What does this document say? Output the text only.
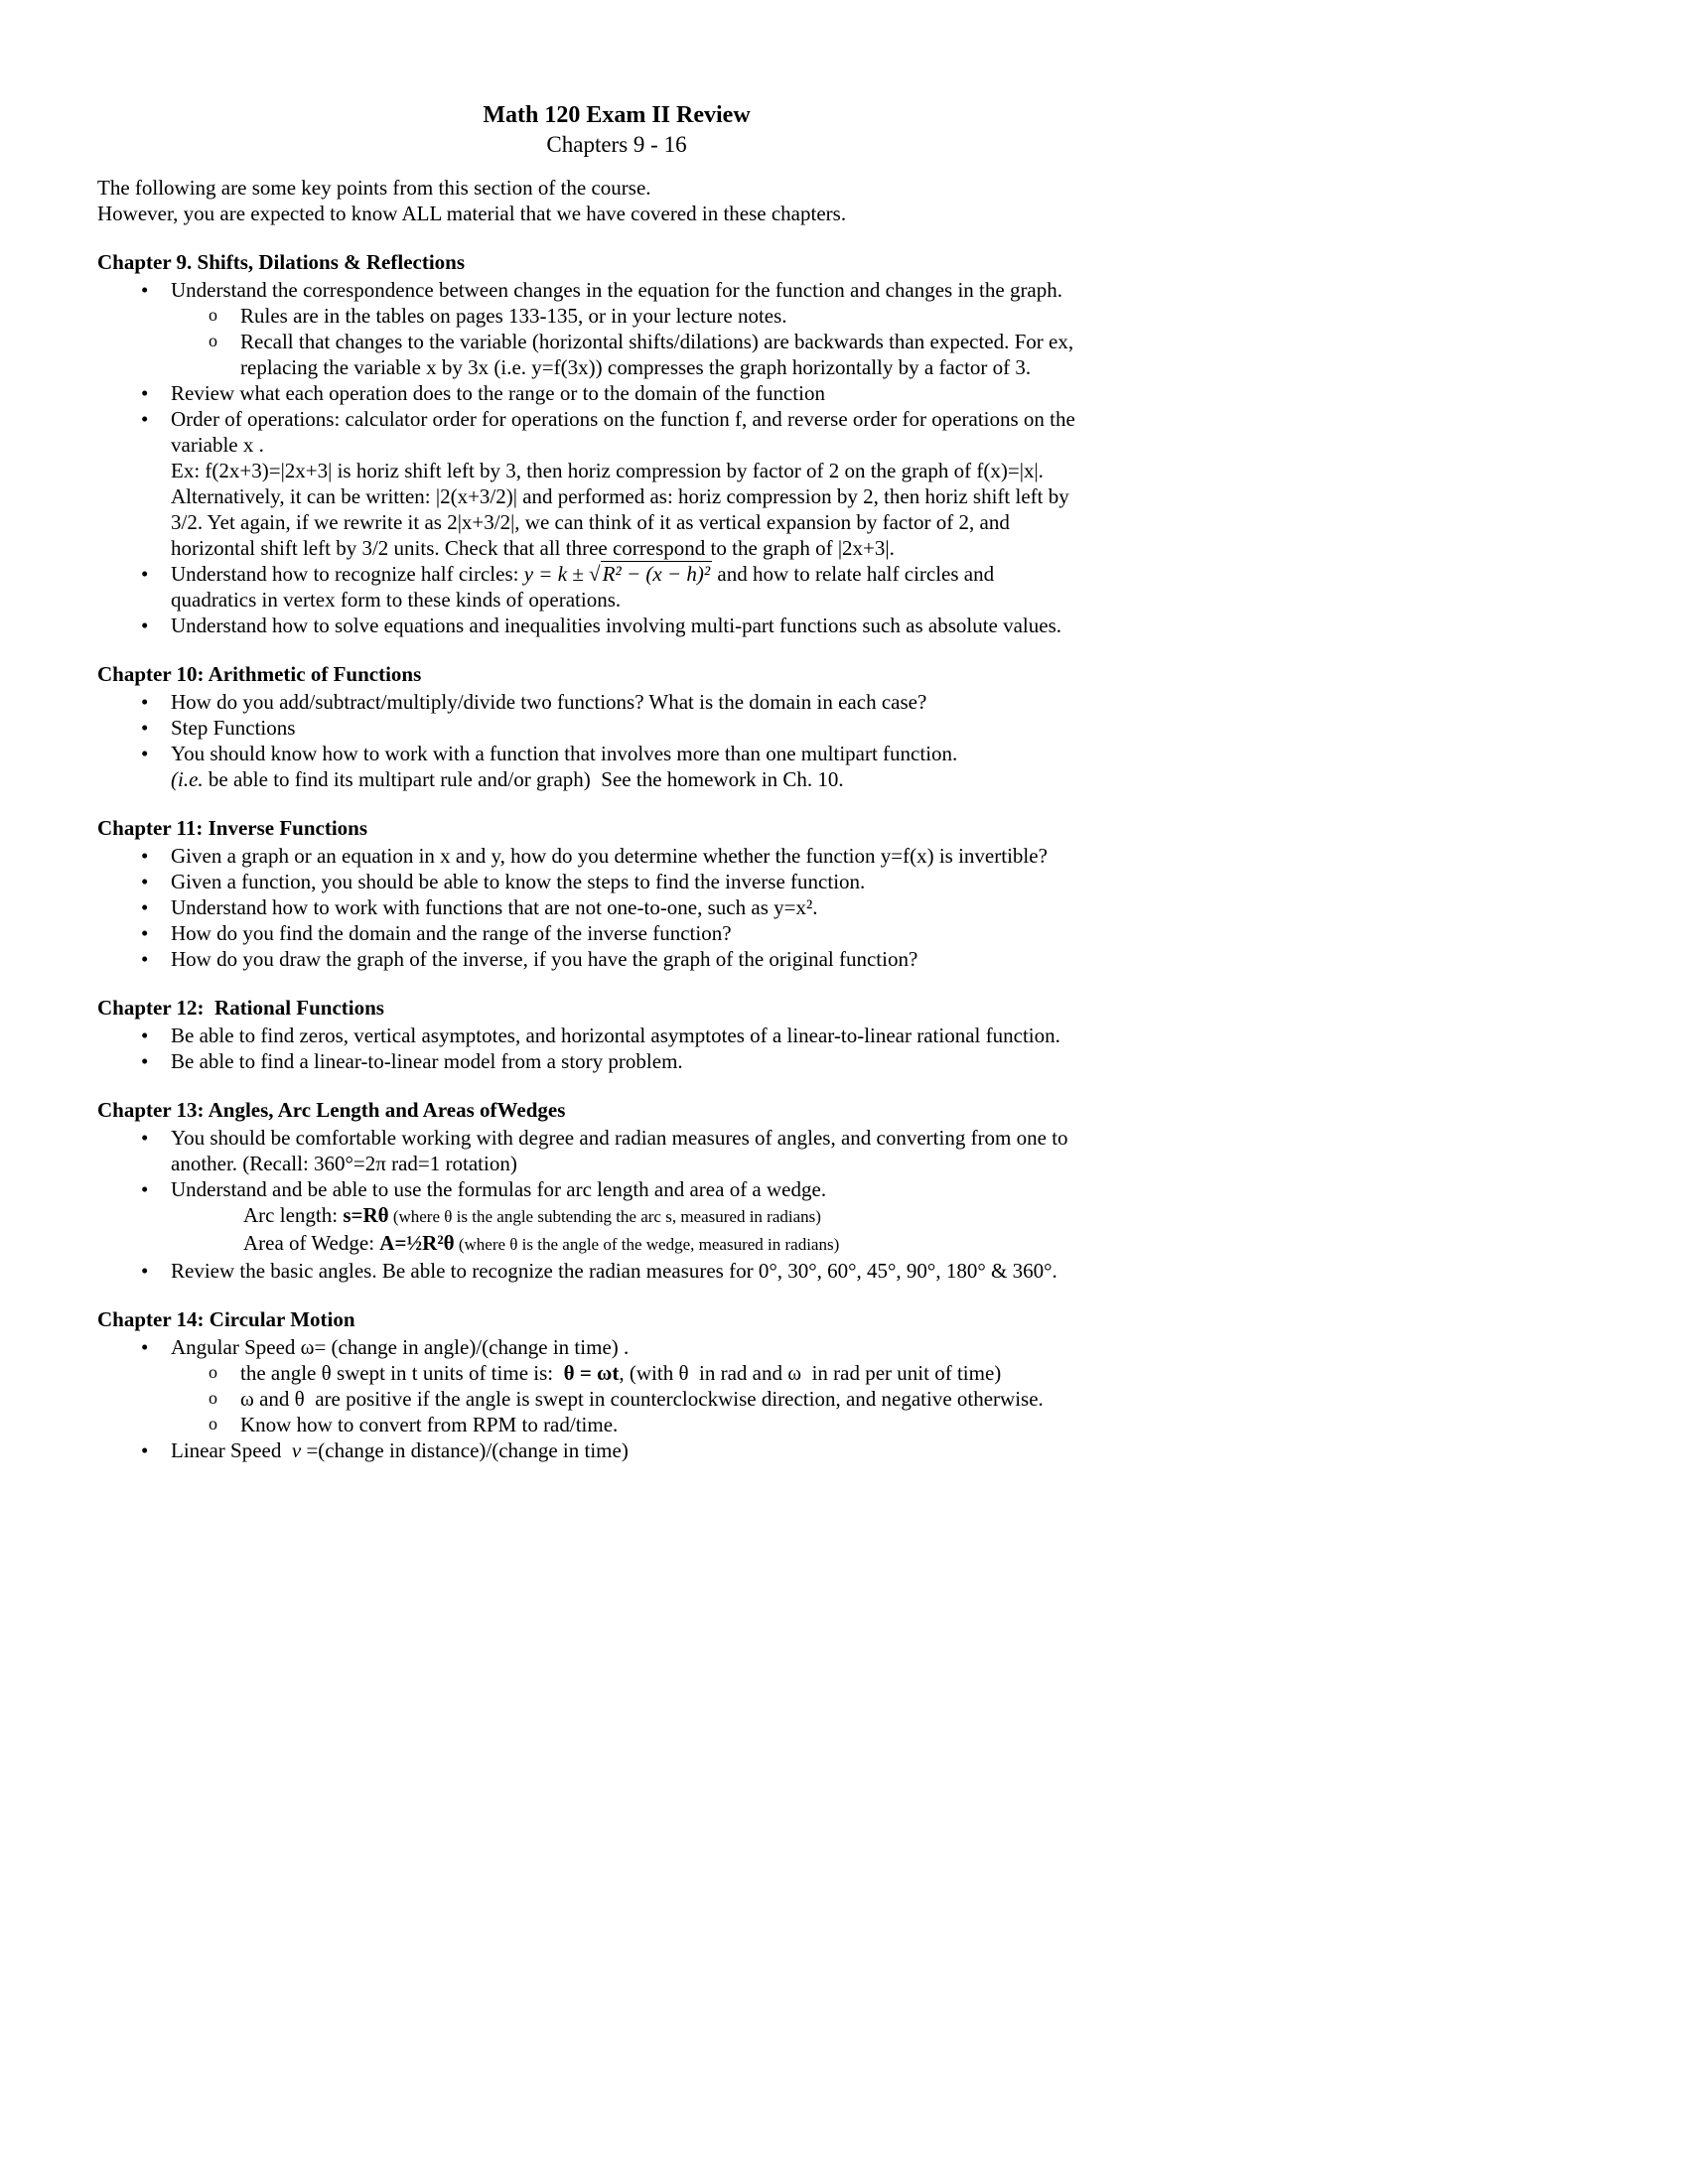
Math 120 Exam II Review
Chapters 9 - 16
The following are some key points from this section of the course.
However, you are expected to know ALL material that we have covered in these chapters.
Chapter 9. Shifts, Dilations & Reflections
• Understand the correspondence between changes in the equation for the function and changes in the graph.
o Rules are in the tables on pages 133-135, or in your lecture notes.
o Recall that changes to the variable (horizontal shifts/dilations) are backwards than expected. For ex,
replacing the variable x by 3x (i.e. y=f(3x)) compresses the graph horizontally by a factor of 3.
• Review what each operation does to the range or to the domain of the function
• Order of operations: calculator order for operations on the function f, and reverse order for operations on the
variable x .
Ex: f(2x+3)=|2x+3| is horiz shift left by 3, then horiz compression by factor of 2 on the graph of f(x)=|x|.
Alternatively, it can be written: |2(x+3/2)| and performed as: horiz compression by 2, then horiz shift left by
3/2. Yet again, if we rewrite it as 2|x+3/2|, we can think of it as vertical expansion by factor of 2, and
horizontal shift left by 3/2 units. Check that all three correspond to the graph of |2x+3|.
• Understand how to recognize half circles: y = k ± √R² − (x − h)² and how to relate half circles and
quadratics in vertex form to these kinds of operations.
• Understand how to solve equations and inequalities involving multi-part functions such as absolute values.
Chapter 10: Arithmetic of Functions
• How do you add/subtract/multiply/divide two functions? What is the domain in each case?
• Step Functions
• You should know how to work with a function that involves more than one multipart function.
(i.e. be able to find its multipart rule and/or graph)  See the homework in Ch. 10.
Chapter 11: Inverse Functions
• Given a graph or an equation in x and y, how do you determine whether the function y=f(x) is invertible?
• Given a function, you should be able to know the steps to find the inverse function.
• Understand how to work with functions that are not one-to-one, such as y=x².
• How do you find the domain and the range of the inverse function?
• How do you draw the graph of the inverse, if you have the graph of the original function?
Chapter 12:  Rational Functions
• Be able to find zeros, vertical asymptotes, and horizontal asymptotes of a linear-to-linear rational function.
• Be able to find a linear-to-linear model from a story problem.
Chapter 13: Angles, Arc Length and Areas ofWedges
• You should be comfortable working with degree and radian measures of angles, and converting from one to
another. (Recall: 360°=2π rad=1 rotation)
• Understand and be able to use the formulas for arc length and area of a wedge.
Arc length: s=Rθ (where θ is the angle subtending the arc s, measured in radians)
Area of Wedge: A=½R²θ (where θ is the angle of the wedge, measured in radians)
• Review the basic angles. Be able to recognize the radian measures for 0°, 30°, 60°, 45°, 90°, 180° & 360°.
Chapter 14: Circular Motion
• Angular Speed ω= (change in angle)/(change in time) .
o the angle θ swept in t units of time is:  θ = ωt, (with θ  in rad and ω  in rad per unit of time)
o ω and θ  are positive if the angle is swept in counterclockwise direction, and negative otherwise.
o Know how to convert from RPM to rad/time.
• Linear Speed  v =(change in distance)/(change in time)
